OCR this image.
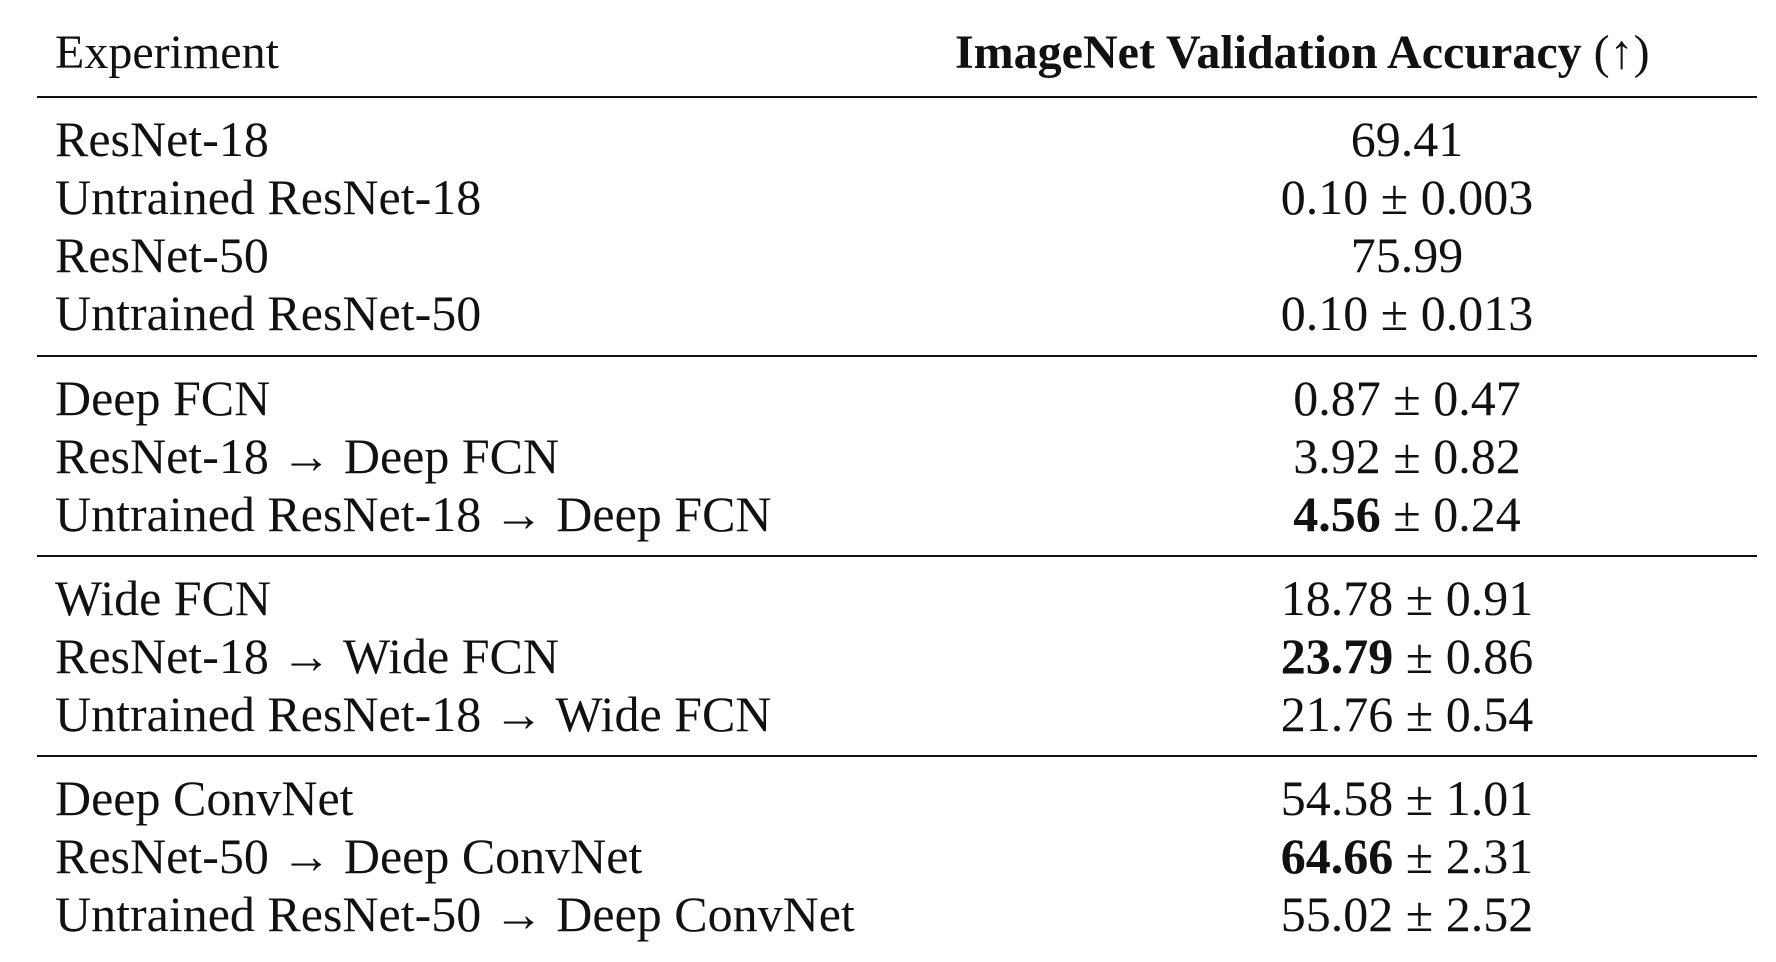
Experiment	ImageNet Validation Accuracy (↑)
ResNet-18	69.41
Untrained ResNet-18	0.10 ± 0.003
ResNet-50	75.99
Untrained ResNet-50	0.10 ± 0.013
Deep FCN	0.87 ± 0.47
ResNet-18 → Deep FCN	3.92 ± 0.82
Untrained ResNet-18 → Deep FCN	4.56 ± 0.24
Wide FCN	18.78 ± 0.91
ResNet-18 → Wide FCN	23.79 ± 0.86
Untrained ResNet-18 → Wide FCN	21.76 ± 0.54
Deep ConvNet	54.58 ± 1.01
ResNet-50 → Deep ConvNet	64.66 ± 2.31
Untrained ResNet-50 → Deep ConvNet	55.02 ± 2.52
